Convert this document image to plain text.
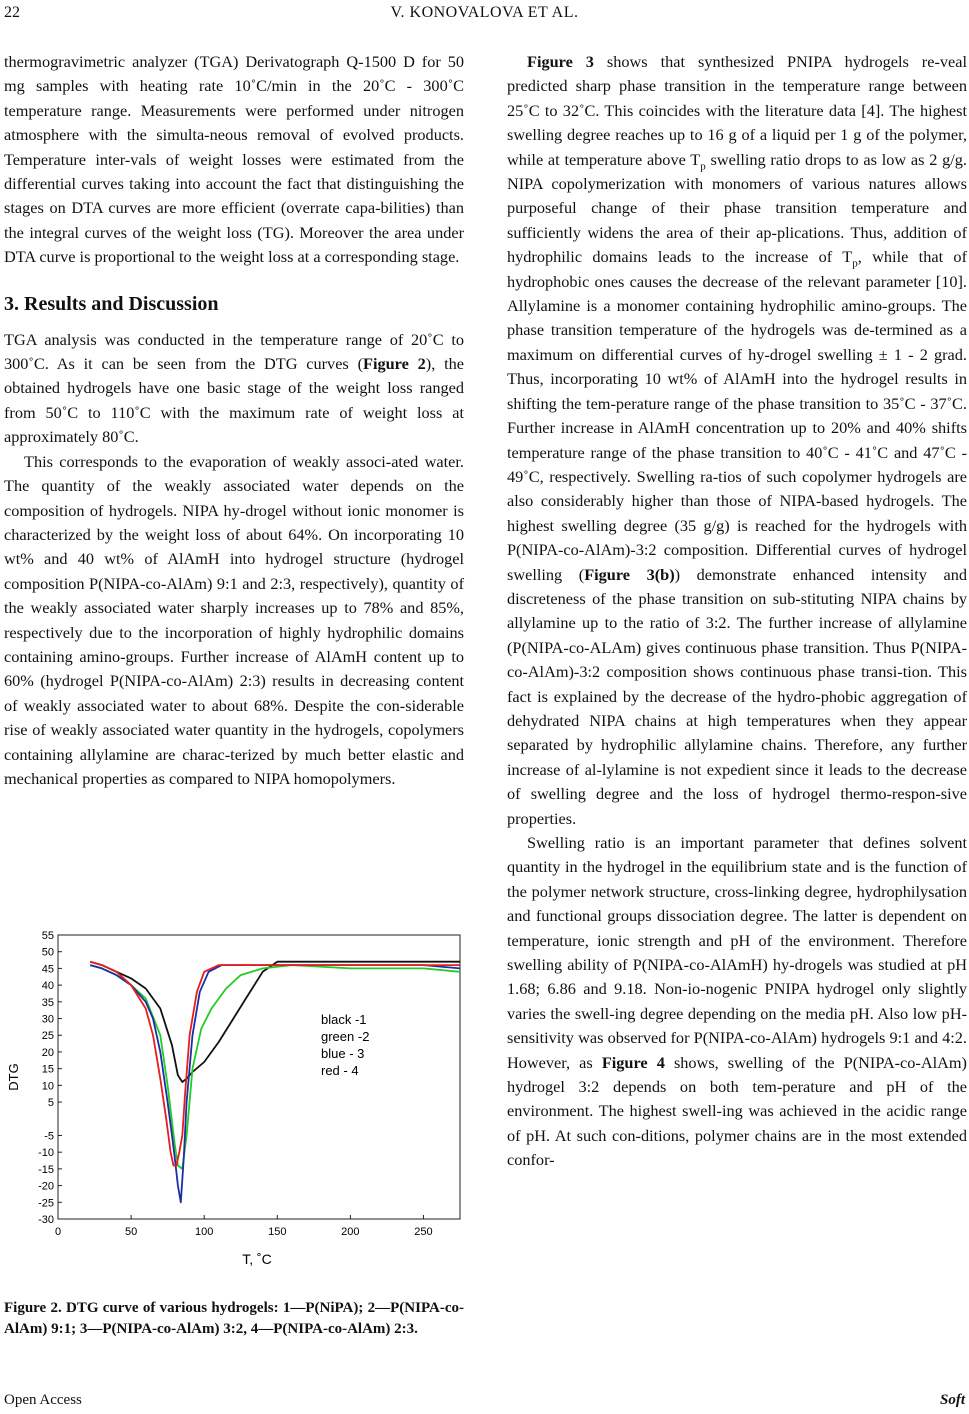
22	V. KONOVALOVA ET AL.

thermogravimetric analyzer (TGA) Derivatograph Q-1500 D for 50 mg samples with heating rate 10˚C/min in the 20˚C - 300˚C temperature range. Measurements were performed under nitrogen atmosphere with the simulta-neous removal of evolved products. Temperature inter-vals of weight losses were estimated from the differential curves taking into account the fact that distinguishing the stages on DTA curves are more efficient (overrate capa-bilities) than the integral curves of the weight loss (TG). Moreover the area under DTA curve is proportional to the weight loss at a corresponding stage.

3. Results and Discussion

TGA analysis was conducted in the temperature range of 20˚C to 300˚C. As it can be seen from the DTG curves (Figure 2), the obtained hydrogels have one basic stage of the weight loss ranged from 50˚C to 110˚C with the maximum rate of weight loss at approximately 80˚C.

This corresponds to the evaporation of weakly associ-ated water. The quantity of the weakly associated water depends on the composition of hydrogels. NIPA hy-drogel without ionic monomer is characterized by the weight loss of about 64%. On incorporating 10 wt% and 40 wt% of AlAmH into hydrogel structure (hydrogel composition P(NIPA-co-AlAm) 9:1 and 2:3, respectively), quantity of the weakly associated water sharply increases up to 78% and 85%, respectively due to the incorporation of highly hydrophilic domains containing amino-groups. Further increase of AlAmH content up to 60% (hydrogel P(NIPA-co-AlAm) 2:3) results in decreasing content of weakly associated water to about 68%. Despite the con-siderable rise of weakly associated water quantity in the hydrogels, copolymers containing allylamine are charac-terized by much better elastic and mechanical properties as compared to NIPA homopolymers.

55
50
45
40
35
30
25
20
15
10
5
-5
-10
-15
-20
-25
-30
0	50	100	150	200	250
DTG
T, ˚C
black -1
green -2
blue - 3
red - 4
Figure 2. DTG curve of various hydrogels: 1—P(NiPA); 2—P(NIPA-co-AlAm) 9:1; 3—P(NIPA-co-AlAm) 3:2, 4—P(NIPA-co-AlAm) 2:3.

Figure 3 shows that synthesized PNIPA hydrogels re-veal predicted sharp phase transition in the temperature range between 25˚C to 32˚C. This coincides with the literature data [4]. The highest swelling degree reaches up to 16 g of a liquid per 1 g of the polymer, while at temperature above $T_p$ swelling ratio drops to as low as 2 g/g. NIPA copolymerization with monomers of various natures allows purposeful change of their phase transition temperature and sufficiently widens the area of their ap-plications. Thus, addition of hydrophilic domains leads to the increase of $T_p$, while that of hydrophobic ones causes the decrease of the relevant parameter [10]. Allylamine is a monomer containing hydrophilic amino-groups. The phase transition temperature of the hydrogels was de-termined as a maximum on differential curves of hy-drogel swelling ± 1 - 2 grad. Thus, incorporating 10 wt% of AlAmH into the hydrogel results in shifting the tem-perature range of the phase transition to 35˚C - 37˚C. Further increase in AlAmH concentration up to 20% and 40% shifts temperature range of the phase transition to 40˚C - 41˚C and 47˚C - 49˚C, respectively. Swelling ra-tios of such copolymer hydrogels are also considerably higher than those of NIPA-based hydrogels. The highest swelling degree (35 g/g) is reached for the hydrogels with P(NIPA-co-AlAm)-3:2 composition. Differential curves of hydrogel swelling (Figure 3(b)) demonstrate enhanced intensity and discreteness of the phase transition on sub-stituting NIPA chains by allylamine up to the ratio of 3:2. The further increase of allylamine (P(NIPA-co-ALAm) gives continuous phase transition. Thus P(NIPA-co-AlAm)-3:2 composition shows continuous phase transi-tion. This fact is explained by the decrease of the hydro-phobic aggregation of dehydrated NIPA chains at high temperatures when they appear separated by hydrophilic allylamine chains. Therefore, any further increase of al-lylamine is not expedient since it leads to the decrease of swelling degree and the loss of hydrogel thermo-respon-sive properties.

Swelling ratio is an important parameter that defines solvent quantity in the hydrogel in the equilibrium state and is the function of the polymer network structure, cross-linking degree, hydrophilysation and functional groups dissociation degree. The latter is dependent on temperature, ionic strength and pH of the environment. Therefore swelling ability of P(NIPA-co-AlAmH) hy-drogels was studied at pH 1.68; 6.86 and 9.18. Non-io-nogenic PNIPA hydrogel only slightly varies the swell-ing degree depending on the media pH. Also low pH-sensitivity was observed for P(NIPA-co-AlAm) hydrogels 9:1 and 4:2. However, as Figure 4 shows, swelling of the P(NIPA-co-AlAm) hydrogel 3:2 depends on both tem-perature and pH of the environment. The highest swell-ing was achieved in the acidic range of pH. At such con-ditions, polymer chains are in the most extended confor-

Open Access	Soft
